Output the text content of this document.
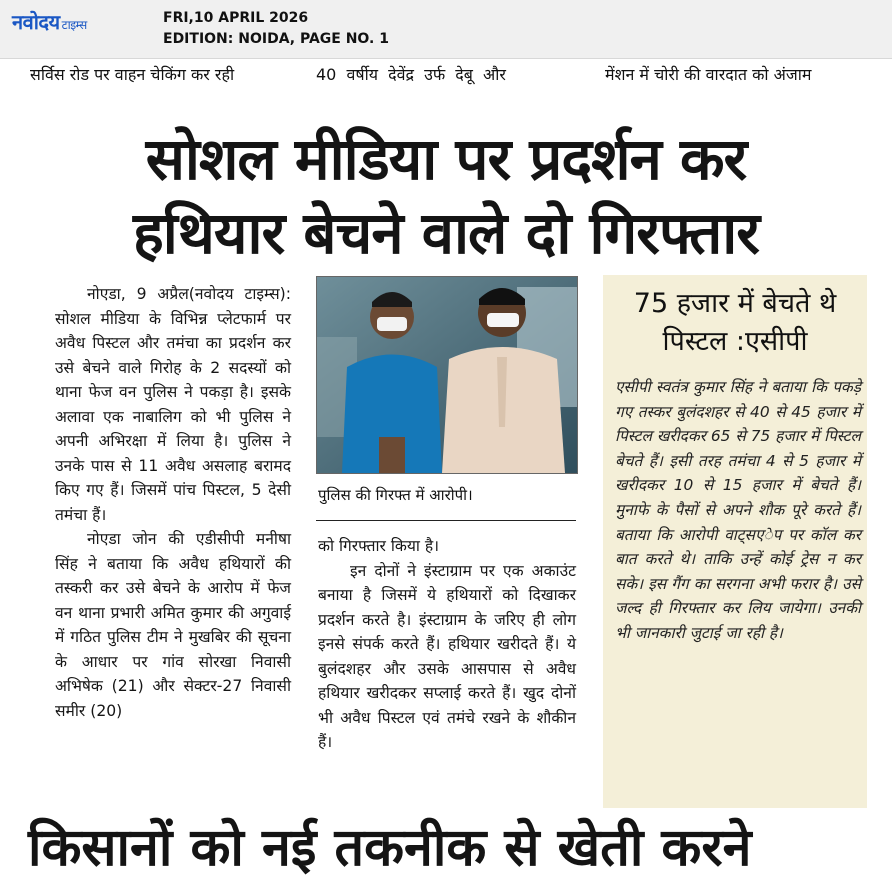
नवोदय टाइम्स	FRI,10 APRIL 2026
EDITION: NOIDA, PAGE NO. 1
सर्विस रोड पर वाहन चेकिंग कर रही	40 वर्षीय देवेंद्र उर्फ देबू और	मेंशन में चोरी की वारदात को अंजाम
सोशल मीडिया पर प्रदर्शन कर
हथियार बेचने वाले दो गिरफ्तार

नोएडा, 9 अप्रैल(नवोदय टाइम्स): सोशल मीडिया के विभिन्न प्लेटफार्म पर अवैध पिस्टल और तमंचा का प्रदर्शन कर उसे बेचने वाले गिरोह के 2 सदस्यों को थाना फेज वन पुलिस ने पकड़ा है। इसके अलावा एक नाबालिग को भी पुलिस ने अपनी अभिरक्षा में लिया है। पुलिस ने उनके पास से 11 अवैध असलाह बरामद किए गए हैं। जिसमें पांच पिस्टल, 5 देसी तमंचा हैं।

नोएडा जोन की एडीसीपी मनीषा सिंह ने बताया कि अवैध हथियारों की तस्करी कर उसे बेचने के आरोप में फेज वन थाना प्रभारी अमित कुमार की अगुवाई में गठित पुलिस टीम ने मुखबिर की सूचना के आधार पर गांव सोरखा निवासी अभिषेक (21) और सेक्टर-27 निवासी समीर (20)

पुलिस की गिरफ्त में आरोपी।

को गिरफ्तार किया है।

इन दोनों ने इंस्टाग्राम पर एक अकाउंट बनाया है जिसमें ये हथियारों को दिखाकर प्रदर्शन करते है। इंस्टाग्राम के जरिए ही लोग इनसे संपर्क करते हैं। हथियार खरीदते हैं। ये बुलंदशहर और उसके आसपास से अवैध हथियार खरीदकर सप्लाई करते हैं। खुद दोनों भी अवैध पिस्टल एवं तमंचे रखने के शौकीन हैं।

75 हजार में बेचते थे
पिस्टल :एसीपी

एसीपी स्वतंत्र कुमार सिंह ने बताया कि पकड़े गए तस्कर बुलंदशहर से 40 से 45 हजार में पिस्टल खरीदकर 65 से 75 हजार में पिस्टल बेचते हैं। इसी तरह तमंचा 4 से 5 हजार में खरीदकर 10 से 15 हजार में बेचते हैं। मुनाफे के पैसों से अपने शौक पूरे करते हैं।बताया कि आरोपी वाट्सएेप पर कॉल कर बात करते थे। ताकि उन्हें कोई ट्रेस न कर सके। इस गैंग का सरगना अभी फरार है। उसे जल्द ही गिरफ्तार कर लिय जायेगा। उनकी भी जानकारी जुटाई जा रही है।

किसानों को नई तकनीक से खेती करने
